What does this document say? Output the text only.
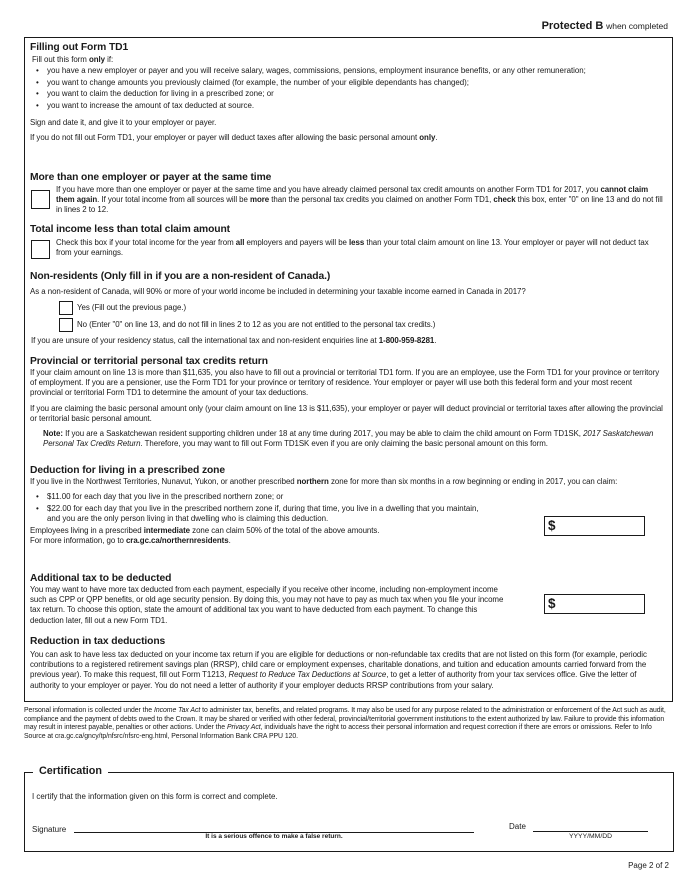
Protected B when completed
Filling out Form TD1
Fill out this form only if:
• you have a new employer or payer and you will receive salary, wages, commissions, pensions, employment insurance benefits, or any other remuneration;
• you want to change amounts you previously claimed (for example, the number of your eligible dependants has changed);
• you want to claim the deduction for living in a prescribed zone; or
• you want to increase the amount of tax deducted at source.
Sign and date it, and give it to your employer or payer.
If you do not fill out Form TD1, your employer or payer will deduct taxes after allowing the basic personal amount only.
More than one employer or payer at the same time
If you have more than one employer or payer at the same time and you have already claimed personal tax credit amounts on another Form TD1 for 2017, you cannot claim them again. If your total income from all sources will be more than the personal tax credits you claimed on another Form TD1, check this box, enter "0" on line 13 and do not fill in lines 2 to 12.
Total income less than total claim amount
Check this box if your total income for the year from all employers and payers will be less than your total claim amount on line 13. Your employer or payer will not deduct tax from your earnings.
Non-residents (Only fill in if you are a non-resident of Canada.)
As a non-resident of Canada, will 90% or more of your world income be included in determining your taxable income earned in Canada in 2017?
Yes (Fill out the previous page.)
No (Enter "0" on line 13, and do not fill in lines 2 to 12 as you are not entitled to the personal tax credits.)
If you are unsure of your residency status, call the international tax and non-resident enquiries line at 1-800-959-8281.
Provincial or territorial personal tax credits return
If your claim amount on line 13 is more than $11,635, you also have to fill out a provincial or territorial TD1 form. If you are an employee, use the Form TD1 for your province or territory of employment. If you are a pensioner, use the Form TD1 for your province or territory of residence. Your employer or payer will use both this federal form and your most recent provincial or territorial Form TD1 to determine the amount of your tax deductions.
If you are claiming the basic personal amount only (your claim amount on line 13 is $11,635), your employer or payer will deduct provincial or territorial taxes after allowing the provincial or territorial basic personal amount.
Note: If you are a Saskatchewan resident supporting children under 18 at any time during 2017, you may be able to claim the child amount on Form TD1SK, 2017 Saskatchewan Personal Tax Credits Return. Therefore, you may want to fill out Form TD1SK even if you are only claiming the basic personal amount on this form.
Deduction for living in a prescribed zone
If you live in the Northwest Territories, Nunavut, Yukon, or another prescribed northern zone for more than six months in a row beginning or ending in 2017, you can claim:
• $11.00 for each day that you live in the prescribed northern zone; or
• $22.00 for each day that you live in the prescribed northern zone if, during that time, you live in a dwelling that you maintain, and you are the only person living in that dwelling who is claiming this deduction.
Employees living in a prescribed intermediate zone can claim 50% of the total of the above amounts.
For more information, go to cra.gc.ca/northernresidents.
$
Additional tax to be deducted
You may want to have more tax deducted from each payment, especially if you receive other income, including non-employment income such as CPP or QPP benefits, or old age security pension. By doing this, you may not have to pay as much tax when you file your income tax return. To choose this option, state the amount of additional tax you want to have deducted from each payment. To change this deduction later, fill out a new Form TD1.
$
Reduction in tax deductions
You can ask to have less tax deducted on your income tax return if you are eligible for deductions or non-refundable tax credits that are not listed on this form (for example, periodic contributions to a registered retirement savings plan (RRSP), child care or employment expenses, charitable donations, and tuition and education amounts carried forward from the previous year). To make this request, fill out Form T1213, Request to Reduce Tax Deductions at Source, to get a letter of authority from your tax services office. Give the letter of authority to your employer or payer. You do not need a letter of authority if your employer deducts RRSP contributions from your salary.
Personal information is collected under the Income Tax Act to administer tax, benefits, and related programs. It may also be used for any purpose related to the administration or enforcement of the Act such as audit, compliance and the payment of debts owed to the Crown. It may be shared or verified with other federal, provincial/territorial government institutions to the extent authorized by law. Failure to provide this information may result in interest payable, penalties or other actions. Under the Privacy Act, individuals have the right to access their personal information and request correction if there are errors or omissions. Refer to Info Source at cra.gc.ca/gncy/tp/nfsrc/nfsrc-eng.html, Personal Information Bank CRA PPU 120.
Certification
I certify that the information given on this form is correct and complete.
Signature
It is a serious offence to make a false return.
Date
YYYY/MM/DD
Page 2 of 2
